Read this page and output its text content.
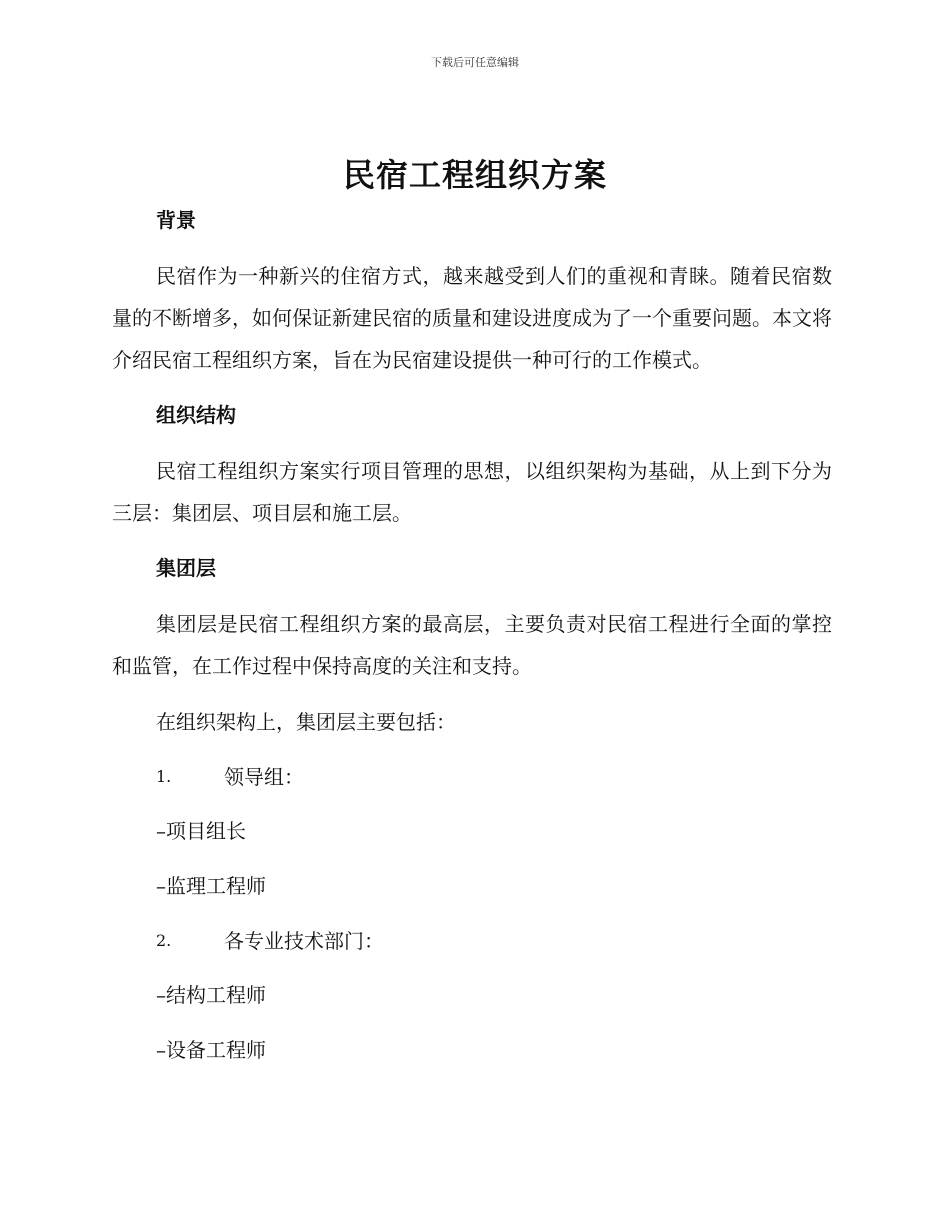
下载后可任意编辑
民宿工程组织方案
背景

民宿作为一种新兴的住宿方式，越来越受到人们的重视和青睐。随着民宿数量的不断增多，如何保证新建民宿的质量和建设进度成为了一个重要问题。本文将介绍民宿工程组织方案，旨在为民宿建设提供一种可行的工作模式。

组织结构

民宿工程组织方案实行项目管理的思想，以组织架构为基础，从上到下分为三层：集团层、项目层和施工层。

集团层

集团层是民宿工程组织方案的最高层，主要负责对民宿工程进行全面的掌控和监管，在工作过程中保持高度的关注和支持。

在组织架构上，集团层主要包括：

1.	领导组：

–项目组长

–监理工程师

2.	各专业技术部门：

–结构工程师

–设备工程师
